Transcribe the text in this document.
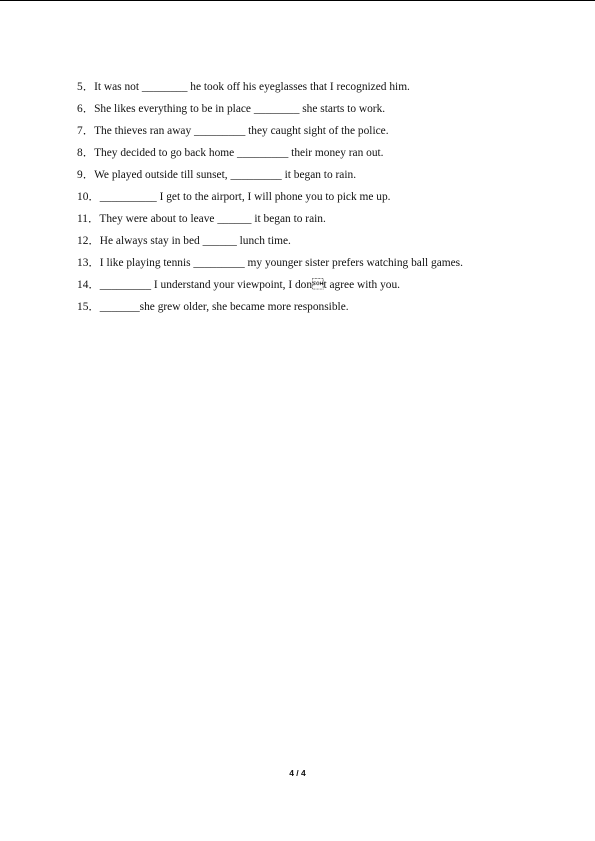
5．It was not ________ he took off his eyeglasses that I recognized him.
6．She likes everything to be in place ________ she starts to work.
7．The thieves ran away _________ they caught sight of the police.
8．They decided to go back home _________ their money ran out.
9．We played outside till sunset, _________ it began to rain.
10．__________ I get to the airport, I will phone you to pick me up.
11．They were about to leave ______ it began to rain.
12．He always stay in bed ______ lunch time.
13．I like playing tennis _________ my younger sister prefers watching ball games.
14．_________ I understand your viewpoint, I dont agree with you.
15．_______she grew older, she became more responsible.
4 / 4
